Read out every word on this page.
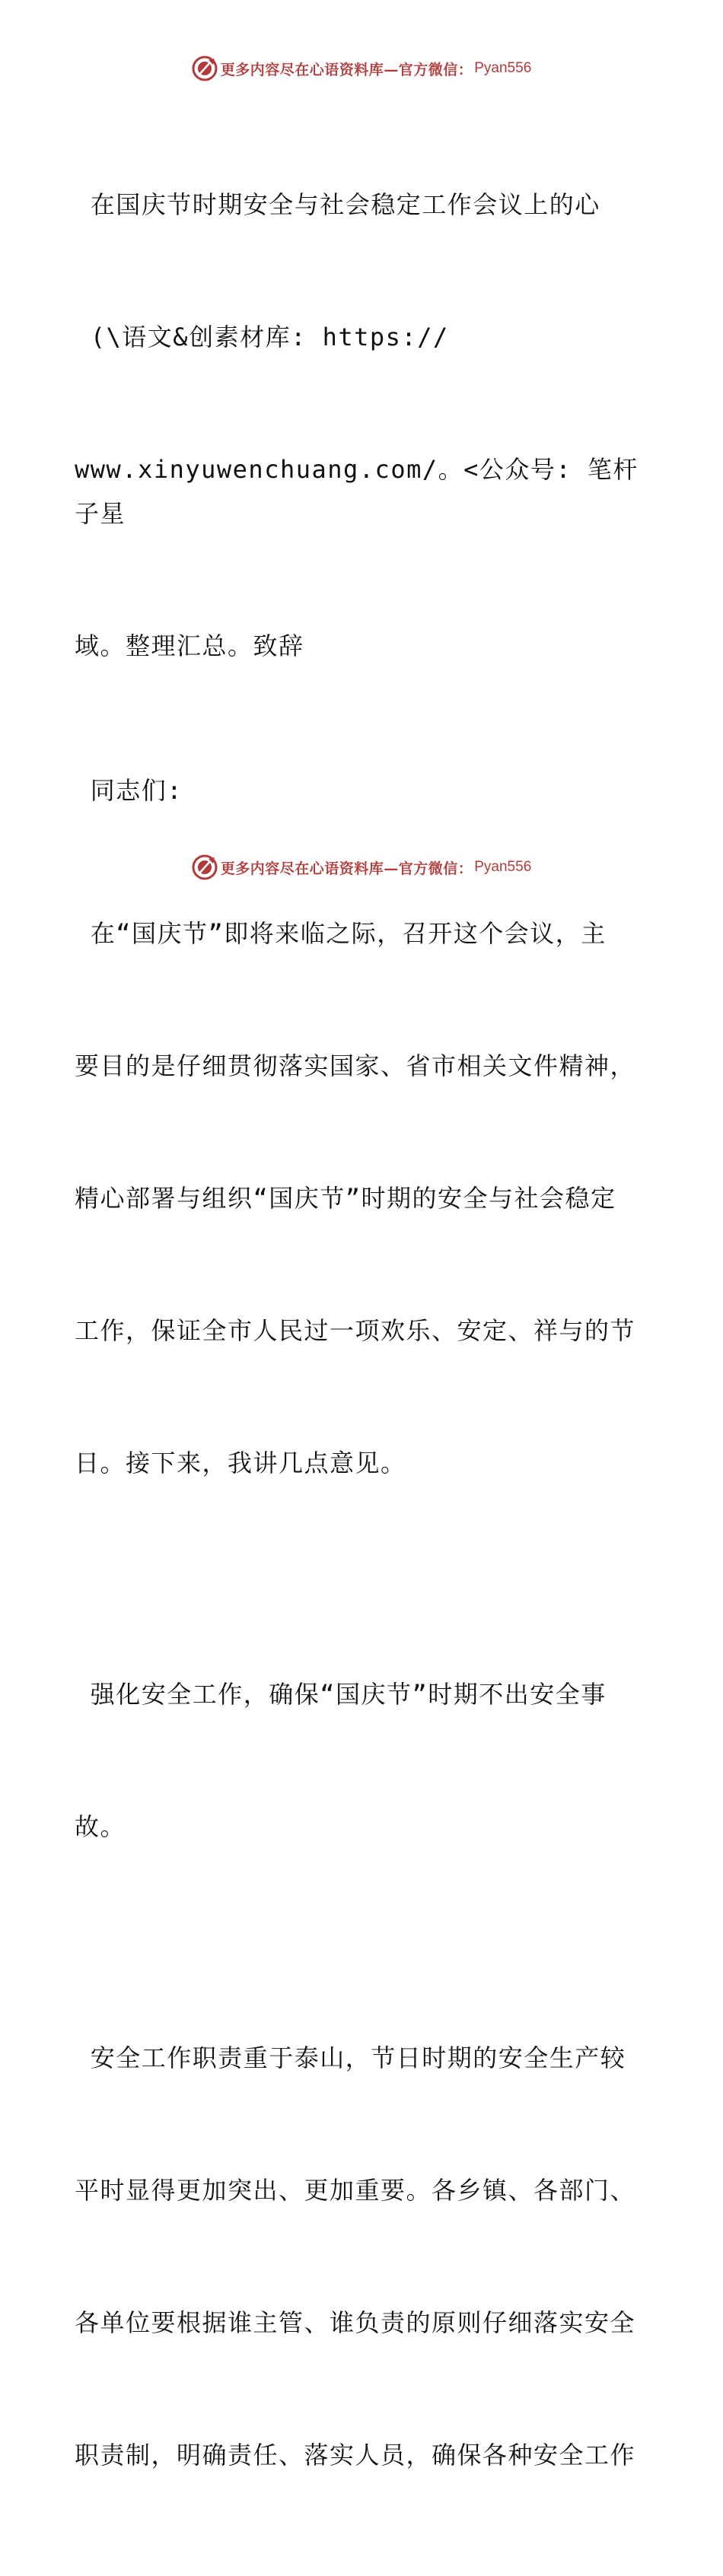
更多内容尽在心语资料库—官方微信： Pyan556

在国庆节时期安全与社会稳定工作会议上的心

(\语文&创素材库: https://

www.xinyuwenchuang.com/。<公众号: 笔杆子星

域。整理汇总。致辞

同志们:

在“国庆节”即将来临之际，召开这个会议，主

要目的是仔细贯彻落实国家、省市相关文件精神，

精心部署与组织“国庆节”时期的安全与社会稳定

工作，保证全市人民过一项欢乐、安定、祥与的节

日。接下来，我讲几点意见。

强化安全工作，确保“国庆节”时期不出安全事

故。

安全工作职责重于泰山，节日时期的安全生产较

平时显得更加突出、更加重要。各乡镇、各部门、

各单位要根据谁主管、谁负责的原则仔细落实安全

职责制，明确责任、落实人员，确保各种安全工作

更多内容尽在心语资料库—官方微信： Pyan556
